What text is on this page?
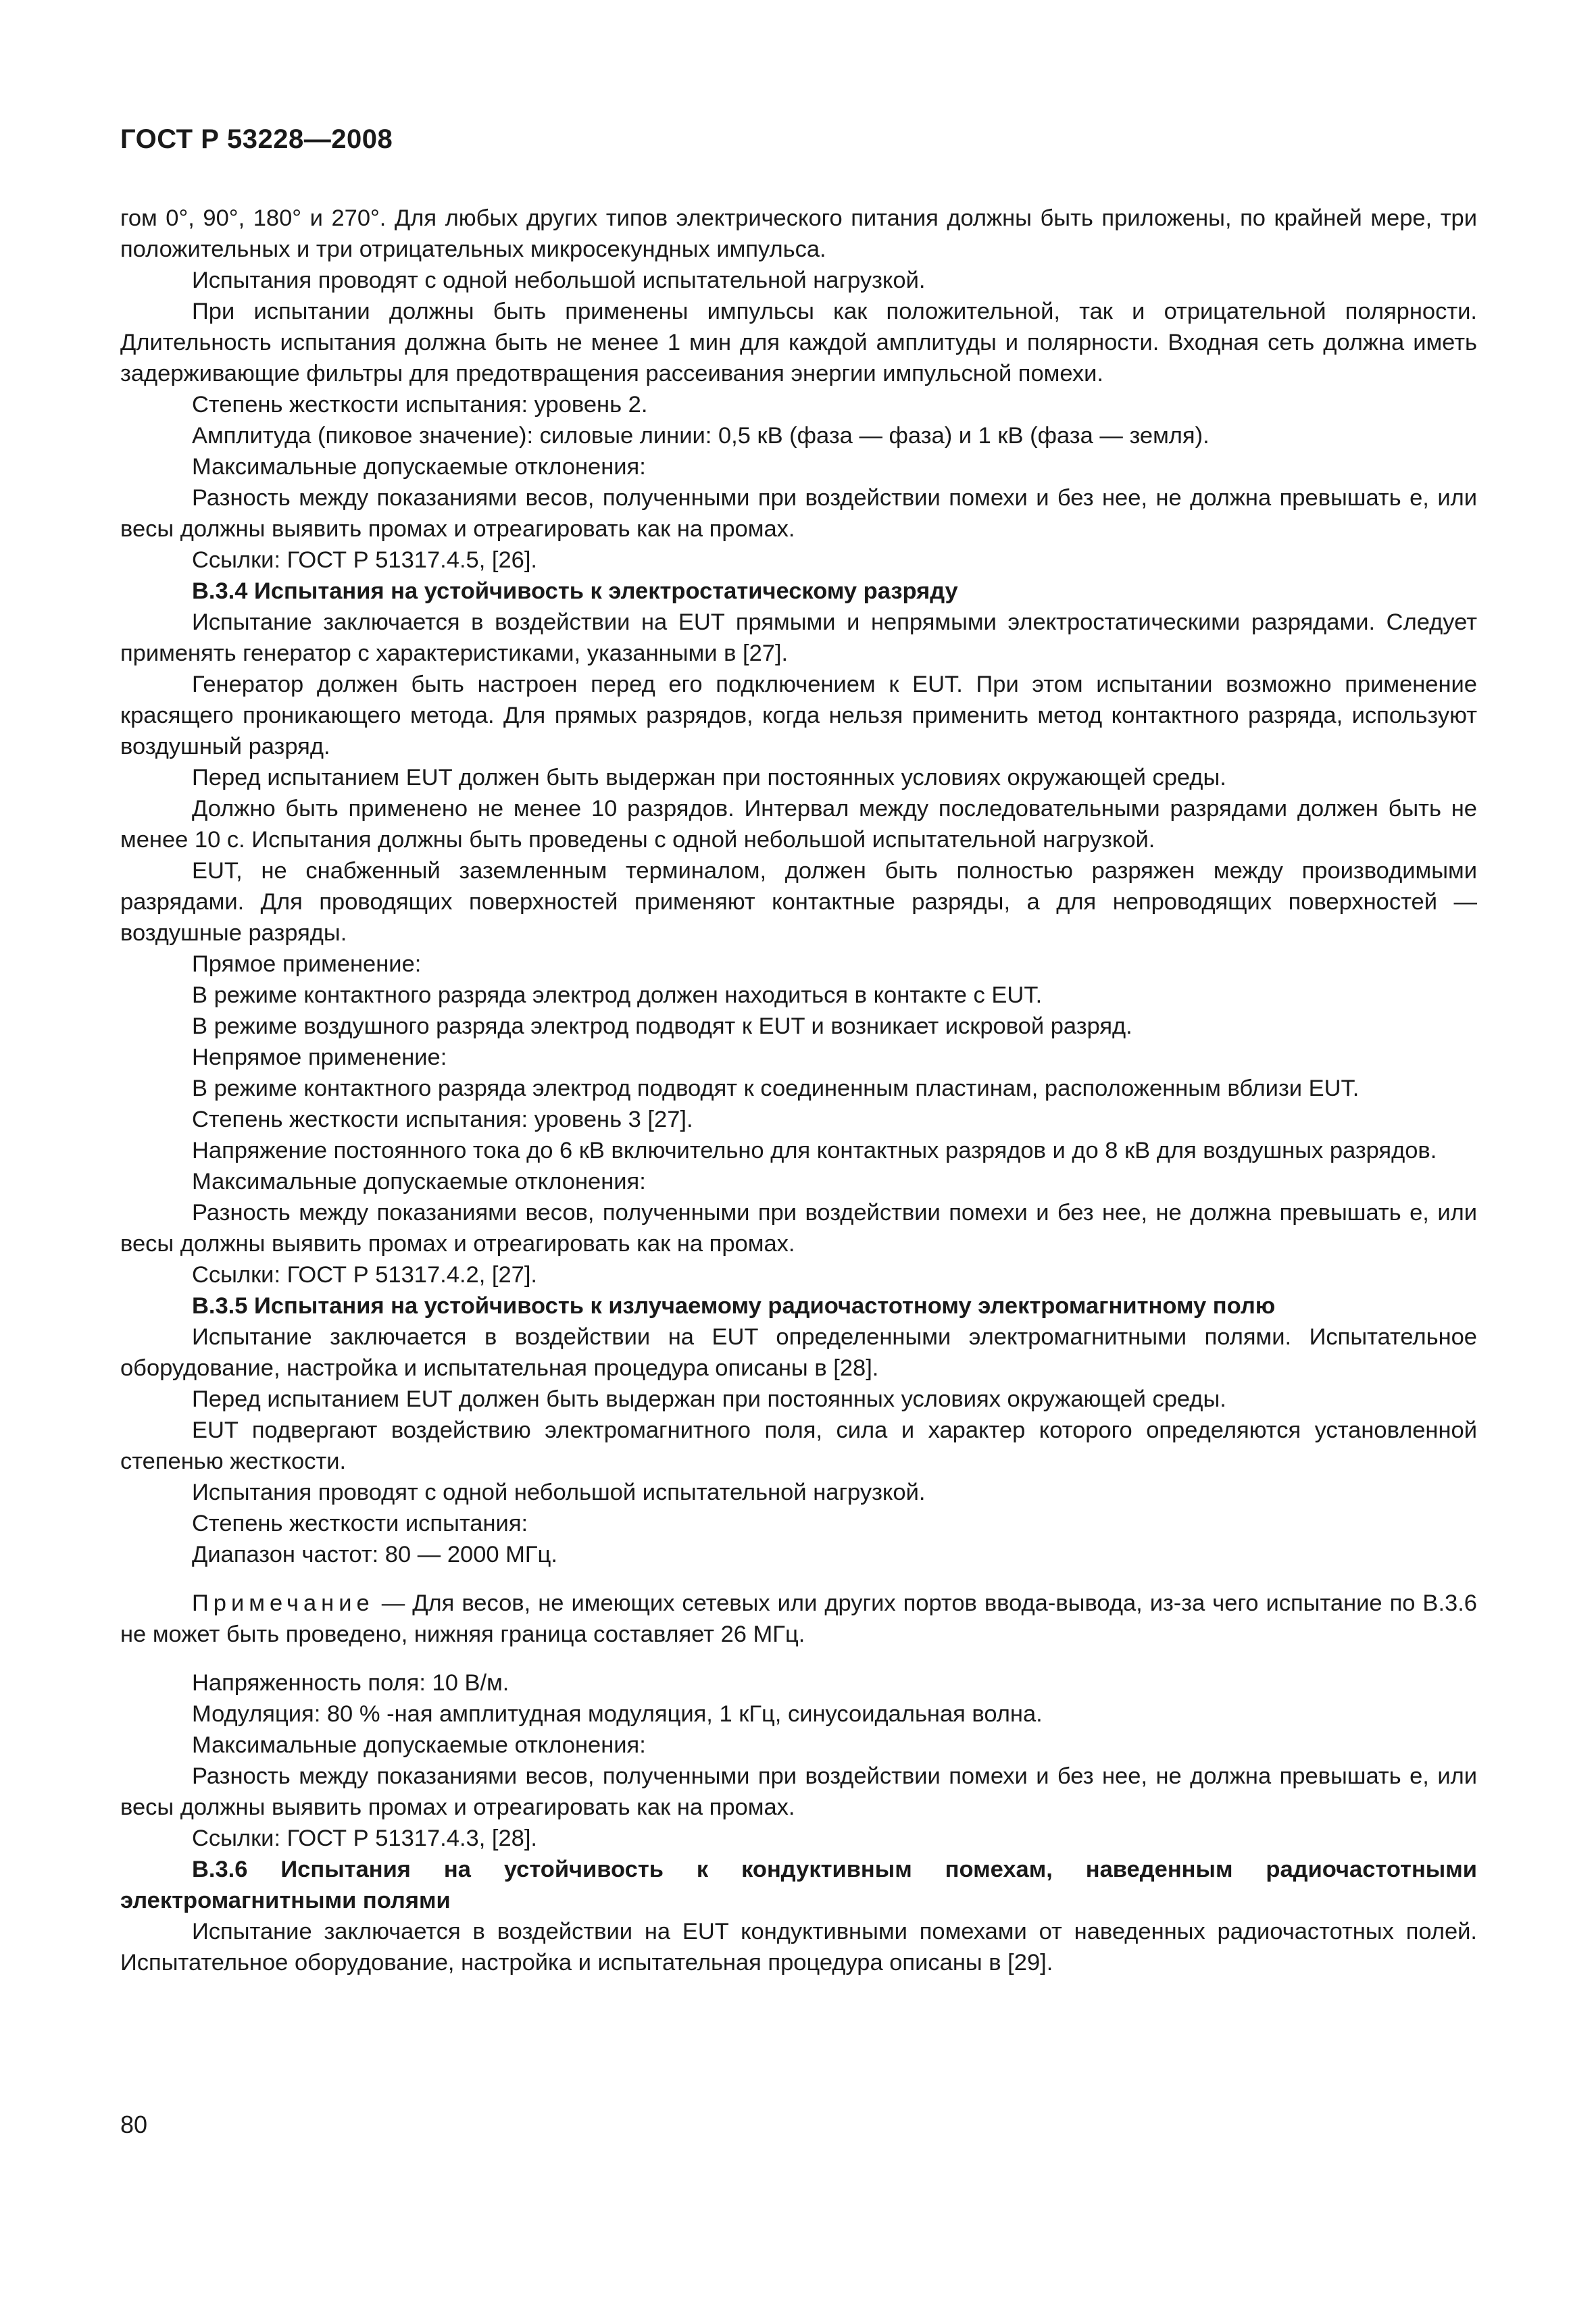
ГОСТ Р 53228—2008

гом 0°, 90°, 180° и 270°. Для любых других типов электрического питания должны быть приложены, по крайней мере, три положительных и три отрицательных микросекундных импульса.

Испытания проводят с одной небольшой испытательной нагрузкой.

При испытании должны быть применены импульсы как положительной, так и отрицательной полярности. Длительность испытания должна быть не менее 1 мин для каждой амплитуды и полярности. Входная сеть должна иметь задерживающие фильтры для предотвращения рассеивания энергии импульсной помехи.

Степень жесткости испытания: уровень 2.

Амплитуда (пиковое значение): силовые линии: 0,5 кВ (фаза — фаза) и 1 кВ (фаза — земля).

Максимальные допускаемые отклонения:

Разность между показаниями весов, полученными при воздействии помехи и без нее, не должна превышать e, или весы должны выявить промах и отреагировать как на промах.

Ссылки: ГОСТ Р 51317.4.5, [26].

В.3.4 Испытания на устойчивость к электростатическому разряду

Испытание заключается в воздействии на EUT прямыми и непрямыми электростатическими разрядами. Следует применять генератор с характеристиками, указанными в [27].

Генератор должен быть настроен перед его подключением к EUT. При этом испытании возможно применение красящего проникающего метода. Для прямых разрядов, когда нельзя применить метод контактного разряда, используют воздушный разряд.

Перед испытанием EUT должен быть выдержан при постоянных условиях окружающей среды.

Должно быть применено не менее 10 разрядов. Интервал между последовательными разрядами должен быть не менее 10 с. Испытания должны быть проведены с одной небольшой испытательной нагрузкой.

EUT, не снабженный заземленным терминалом, должен быть полностью разряжен между производимыми разрядами. Для проводящих поверхностей применяют контактные разряды, а для непроводящих поверхностей — воздушные разряды.

Прямое применение:

В режиме контактного разряда электрод должен находиться в контакте с EUT.

В режиме воздушного разряда электрод подводят к EUT и возникает искровой разряд.

Непрямое применение:

В режиме контактного разряда электрод подводят к соединенным пластинам, расположенным вблизи EUT.

Степень жесткости испытания: уровень 3 [27].

Напряжение постоянного тока до 6 кВ включительно для контактных разрядов и до 8 кВ для воздушных разрядов.

Максимальные допускаемые отклонения:

Разность между показаниями весов, полученными при воздействии помехи и без нее, не должна превышать e, или весы должны выявить промах и отреагировать как на промах.

Ссылки: ГОСТ Р 51317.4.2, [27].

В.3.5 Испытания на устойчивость к излучаемому радиочастотному электромагнитному полю

Испытание заключается в воздействии на EUT определенными электромагнитными полями. Испытательное оборудование, настройка и испытательная процедура описаны в [28].

Перед испытанием EUT должен быть выдержан при постоянных условиях окружающей среды.

EUT подвергают воздействию электромагнитного поля, сила и характер которого определяются установленной степенью жесткости.

Испытания проводят с одной небольшой испытательной нагрузкой.

Степень жесткости испытания:

Диапазон частот: 80 — 2000 МГц.

Примечание — Для весов, не имеющих сетевых или других портов ввода-вывода, из-за чего испытание по В.3.6 не может быть проведено, нижняя граница составляет 26 МГц.

Напряженность поля: 10 В/м.

Модуляция: 80 % -ная амплитудная модуляция, 1 кГц, синусоидальная волна.

Максимальные допускаемые отклонения:

Разность между показаниями весов, полученными при воздействии помехи и без нее, не должна превышать e, или весы должны выявить промах и отреагировать как на промах.

Ссылки: ГОСТ Р 51317.4.3, [28].

В.3.6 Испытания на устойчивость к кондуктивным помехам, наведенным радиочастотными электромагнитными полями

Испытание заключается в воздействии на EUT кондуктивными помехами от наведенных радиочастотных полей. Испытательное оборудование, настройка и испытательная процедура описаны в [29].

80
